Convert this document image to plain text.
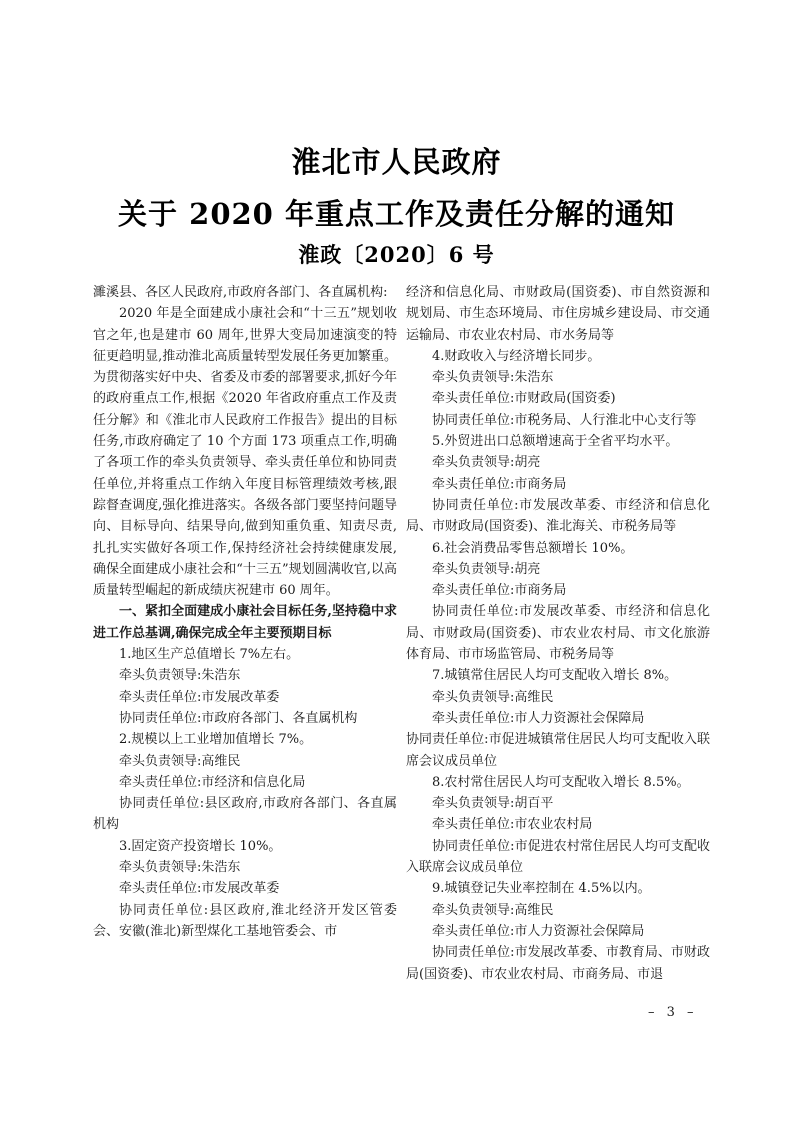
淮北市人民政府
关于 2020 年重点工作及责任分解的通知
淮政〔2020〕6 号

濉溪县、各区人民政府,市政府各部门、各直属机构:

2020 年是全面建成小康社会和“十三五”规划收官之年,也是建市 60 周年,世界大变局加速演变的特征更趋明显,推动淮北高质量转型发展任务更加繁重。为贯彻落实好中央、省委及市委的部署要求,抓好今年的政府重点工作,根据《2020 年省政府重点工作及责任分解》和《淮北市人民政府工作报告》提出的目标任务,市政府确定了 10 个方面 173 项重点工作,明确了各项工作的牵头负责领导、牵头责任单位和协同责任单位,并将重点工作纳入年度目标管理绩效考核,跟踪督查调度,强化推进落实。各级各部门要坚持问题导向、目标导向、结果导向,做到知重负重、知责尽责,扎扎实实做好各项工作,保持经济社会持续健康发展,确保全面建成小康社会和“十三五”规划圆满收官,以高质量转型崛起的新成绩庆祝建市 60 周年。

一、紧扣全面建成小康社会目标任务,坚持稳中求进工作总基调,确保完成全年主要预期目标

1.地区生产总值增长 7%左右。

牵头负责领导:朱浩东

牵头责任单位:市发展改革委

协同责任单位:市政府各部门、各直属机构

2.规模以上工业增加值增长 7%。

牵头负责领导:高维民

牵头责任单位:市经济和信息化局

协同责任单位:县区政府,市政府各部门、各直属机构

3.固定资产投资增长 10%。

牵头负责领导:朱浩东

牵头责任单位:市发展改革委

协同责任单位:县区政府,淮北经济开发区管委会、安徽(淮北)新型煤化工基地管委会、市

经济和信息化局、市财政局(国资委)、市自然资源和规划局、市生态环境局、市住房城乡建设局、市交通运输局、市农业农村局、市水务局等

4.财政收入与经济增长同步。

牵头负责领导:朱浩东

牵头责任单位:市财政局(国资委)

协同责任单位:市税务局、人行淮北中心支行等

5.外贸进出口总额增速高于全省平均水平。

牵头负责领导:胡亮

牵头责任单位:市商务局

协同责任单位:市发展改革委、市经济和信息化局、市财政局(国资委)、淮北海关、市税务局等

6.社会消费品零售总额增长 10%。

牵头负责领导:胡亮

牵头责任单位:市商务局

协同责任单位:市发展改革委、市经济和信息化局、市财政局(国资委)、市农业农村局、市文化旅游体育局、市市场监管局、市税务局等

7.城镇常住居民人均可支配收入增长 8%。

牵头负责领导:高维民

牵头责任单位:市人力资源社会保障局

协同责任单位:市促进城镇常住居民人均可支配收入联席会议成员单位

8.农村常住居民人均可支配收入增长 8.5%。

牵头负责领导:胡百平

牵头责任单位:市农业农村局

协同责任单位:市促进农村常住居民人均可支配收入联席会议成员单位

9.城镇登记失业率控制在 4.5%以内。

牵头负责领导:高维民

牵头责任单位:市人力资源社会保障局

协同责任单位:市发展改革委、市教育局、市财政局(国资委)、市农业农村局、市商务局、市退

– 3 –
